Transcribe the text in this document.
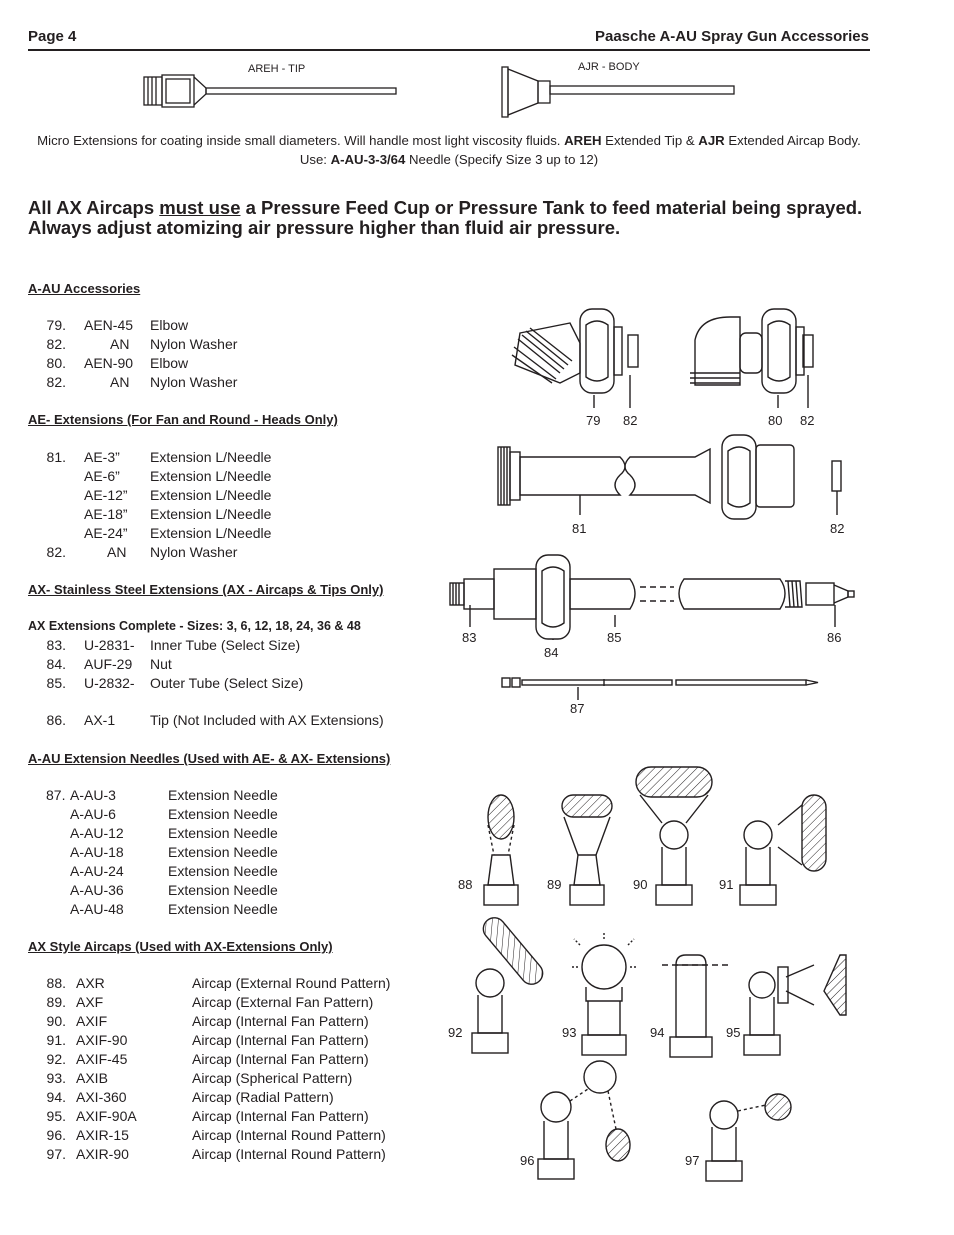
Page 4	Paasche A-AU Spray Gun Accessories
AREH - TIP	AJR - BODY
Micro Extensions for coating inside small diameters. Will handle most light viscosity fluids. AREH Extended Tip & AJR Extended Aircap Body.
Use: A-AU-3-3/64 Needle (Specify Size 3 up to 12)
All AX Aircaps must use a Pressure Feed Cup or Pressure Tank to feed material being sprayed.
Always adjust atomizing air pressure higher than fluid air pressure.
A-AU Accessories
79. AEN-45 Elbow
82.	AN Nylon Washer
80. AEN-90 Elbow
82.	AN Nylon Washer
AE- Extensions (For Fan and Round - Heads Only)
81. AE-3” Extension L/Needle
AE-6” Extension L/Needle
AE-12” Extension L/Needle
AE-18” Extension L/Needle
AE-24” Extension L/Needle
82.	AN Nylon Washer
AX- Stainless Steel Extensions (AX - Aircaps & Tips Only)
AX Extensions Complete - Sizes: 3, 6, 12, 18, 24, 36 & 48
83. U-2831- Inner Tube (Select Size)
84. AUF-29 Nut
85. U-2832- Outer Tube (Select Size)
86. AX-1 Tip (Not Included with AX Extensions)
A-AU Extension Needles (Used with AE- & AX- Extensions)
87. A-AU-3	Extension Needle
A-AU-6	Extension Needle
A-AU-12	Extension Needle
A-AU-18	Extension Needle
A-AU-24	Extension Needle
A-AU-36	Extension Needle
A-AU-48	Extension Needle
AX Style Aircaps (Used with AX-Extensions Only)
88. AXR	Aircap (External Round Pattern)
89. AXF	Aircap (External Fan Pattern)
90. AXIF	Aircap (Internal Fan Pattern)
91. AXIF-90	Aircap (Internal Fan Pattern)
92. AXIF-45	Aircap (Internal Fan Pattern)
93. AXIB	Aircap (Spherical Pattern)
94. AXI-360	Aircap (Radial Pattern)
95. AXIF-90A	Aircap (Internal Fan Pattern)
96. AXIR-15	Aircap (Internal Round Pattern)
97. AXIR-90	Aircap (Internal Round Pattern)
79 82	80 82
81	82
83
84
85	86
87
88	89	90	91
92	93	94	95
96	97
